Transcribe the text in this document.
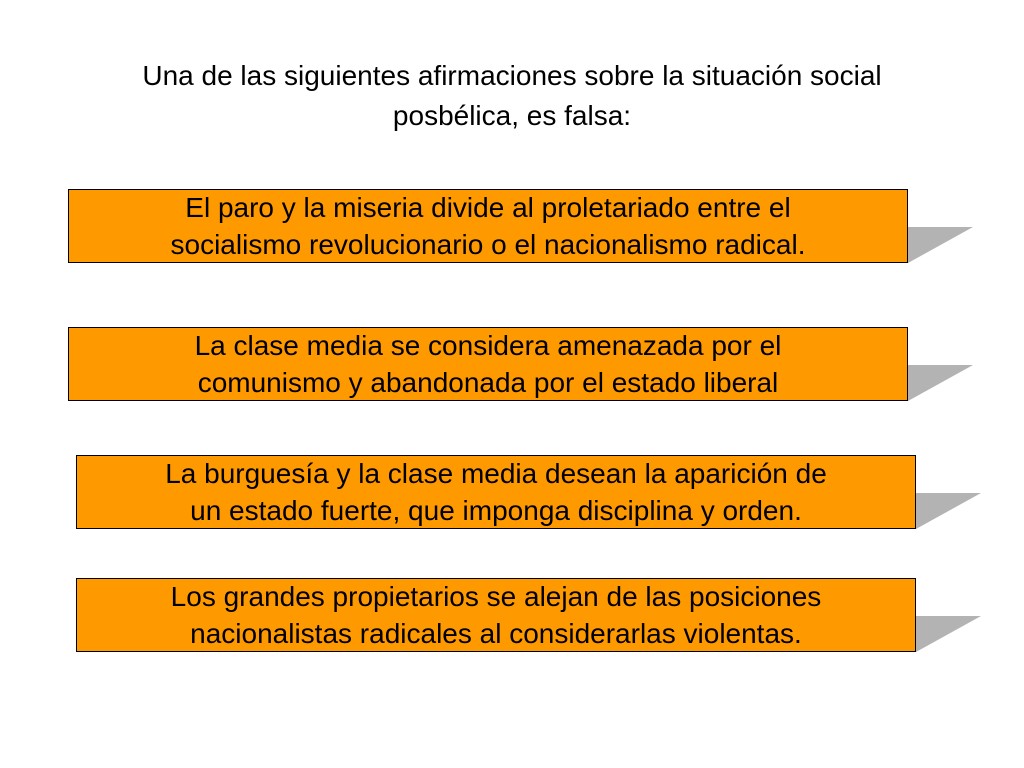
Una de las siguientes afirmaciones sobre la situación social
posbélica, es falsa:
El paro y la miseria divide al proletariado entre el
socialismo revolucionario o el nacionalismo radical.
La clase media se considera amenazada por el
comunismo y abandonada por el estado liberal
La burguesía y la clase media desean la aparición de
un estado fuerte, que imponga disciplina y orden.
Los grandes propietarios se alejan de las posiciones
nacionalistas radicales al considerarlas violentas.
